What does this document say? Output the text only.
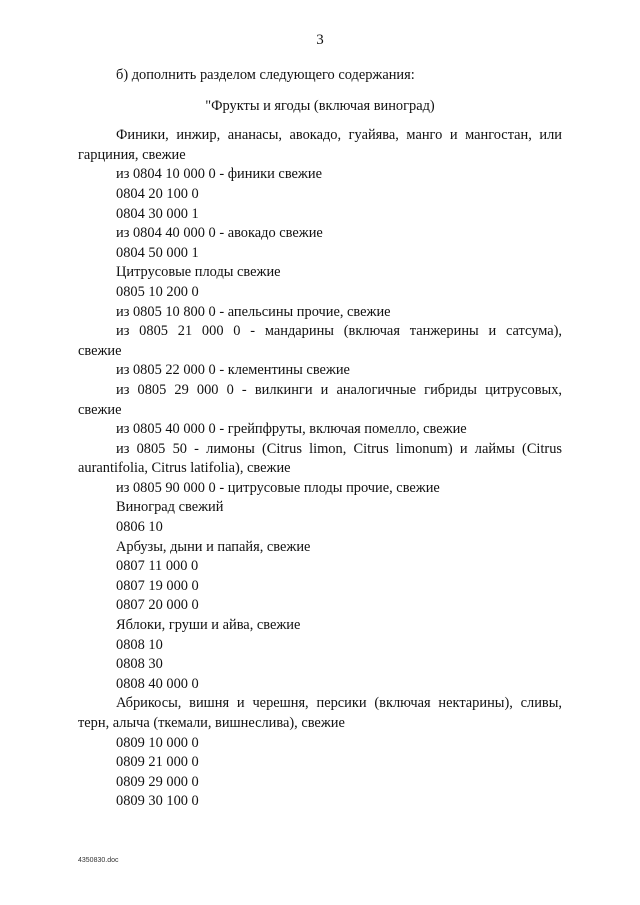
3
б) дополнить разделом следующего содержания:
"Фрукты и ягоды (включая виноград)
Финики, инжир, ананасы, авокадо, гуайява, манго и мангостан, или
гарциния, свежие
из 0804 10 000 0 - финики свежие
0804 20 100 0
0804 30 000 1
из 0804 40 000 0 - авокадо свежие
0804 50 000 1
Цитрусовые плоды свежие
0805 10 200 0
из 0805 10 800 0 - апельсины прочие, свежие
из 0805 21 000 0 - мандарины (включая танжерины и сатсума),
свежие
из 0805 22 000 0 - клементины свежие
из 0805 29 000 0 - вилкинги и аналогичные гибриды цитрусовых,
свежие
из 0805 40 000 0 - грейпфруты, включая помелло, свежие
из 0805 50 - лимоны (Citrus limon, Citrus limonum) и лаймы (Citrus
aurantifolia, Citrus latifolia), свежие
из 0805 90 000 0 - цитрусовые плоды прочие, свежие
Виноград свежий
0806 10
Арбузы, дыни и папайя, свежие
0807 11 000 0
0807 19 000 0
0807 20 000 0
Яблоки, груши и айва, свежие
0808 10
0808 30
0808 40 000 0
Абрикосы, вишня и черешня, персики (включая нектарины), сливы,
терн, алыча (ткемали, вишнеслива), свежие
0809 10 000 0
0809 21 000 0
0809 29 000 0
0809 30 100 0
4350830.doc
